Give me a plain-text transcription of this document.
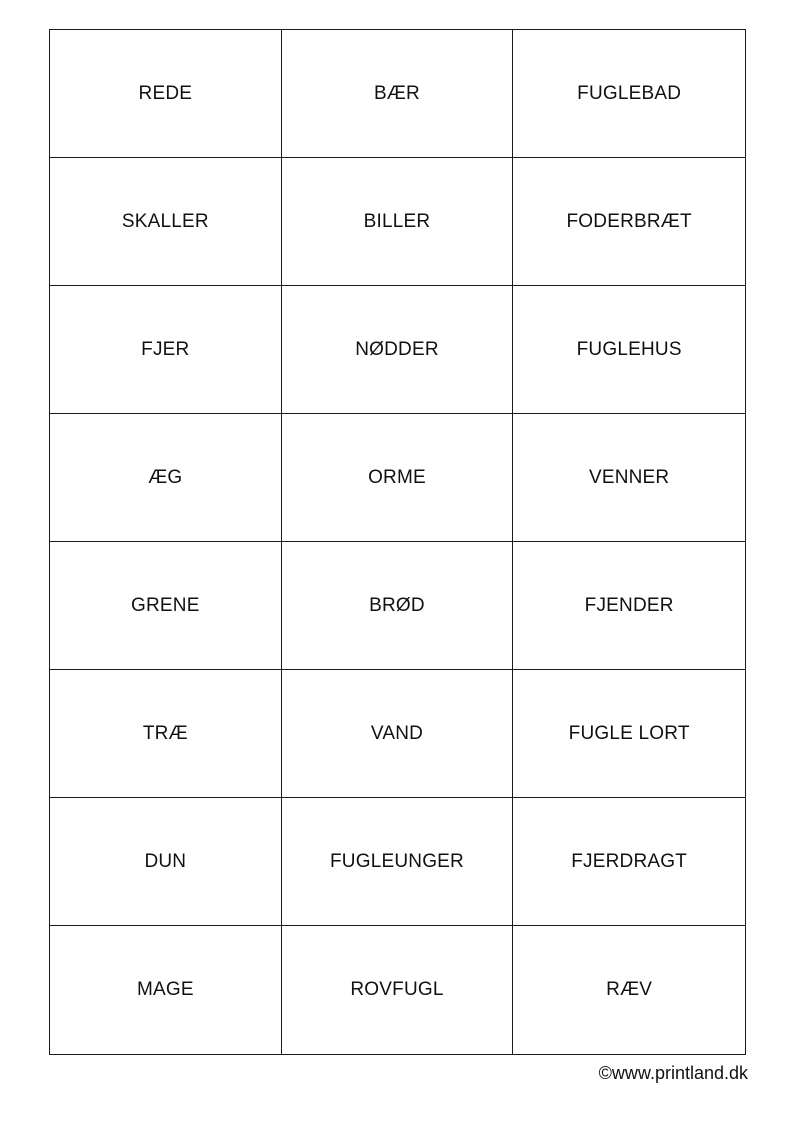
REDE	BÆR	FUGLEBAD
SKALLER	BILLER	FODERBRÆT
FJER	NØDDER	FUGLEHUS
ÆG	ORME	VENNER
GRENE	BRØD	FJENDER
TRÆ	VAND	FUGLE LORT
DUN	FUGLEUNGER	FJERDRAGT
MAGE	ROVFUGL	RÆV
©www.printland.dk
